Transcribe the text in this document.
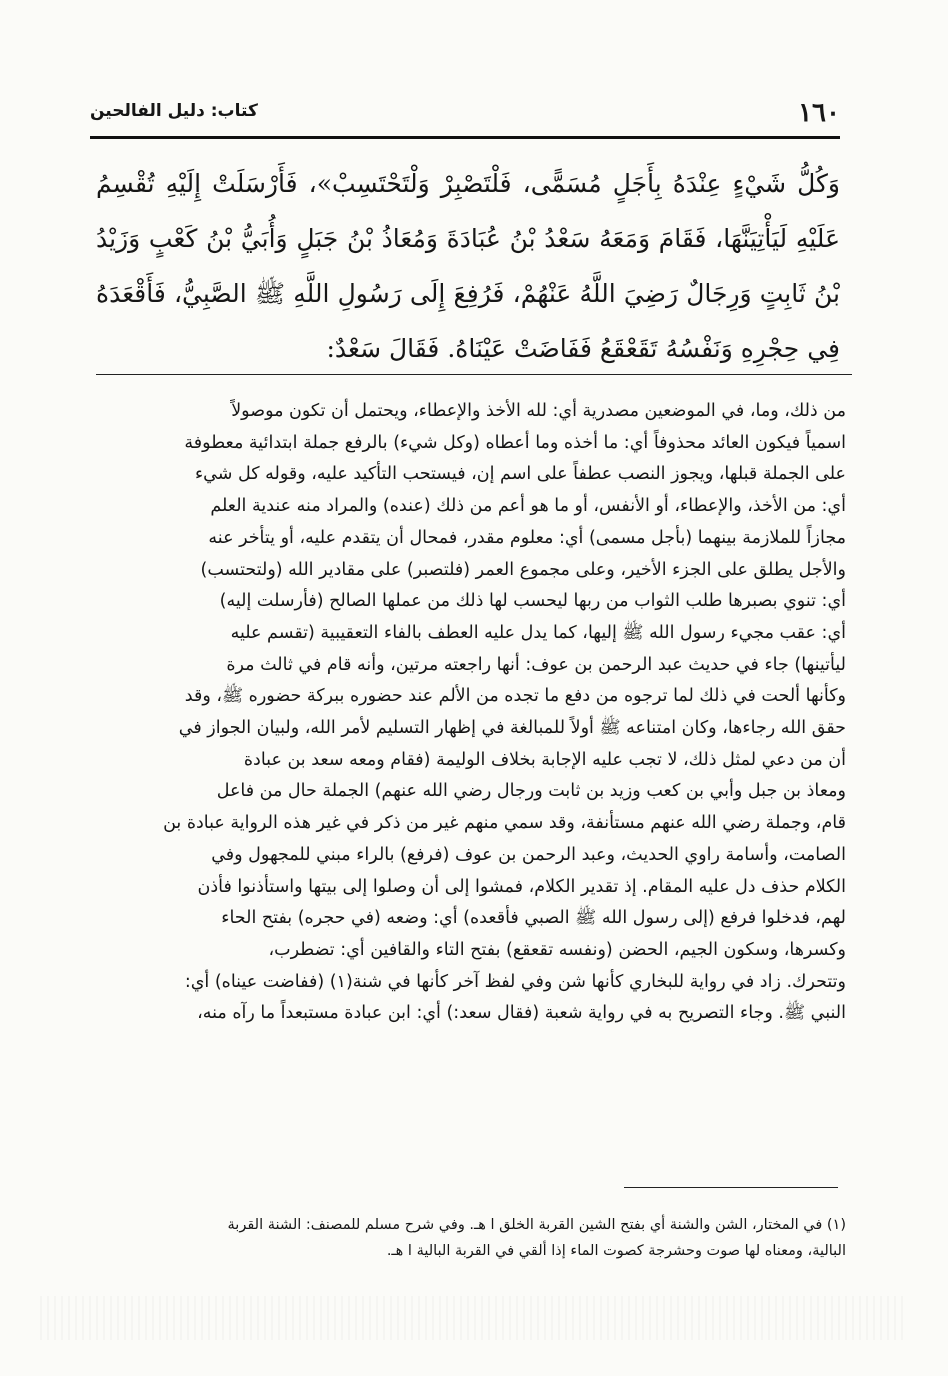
١٦٠
كتاب: دليل الفالحين
وَكُلُّ شَيْءٍ عِنْدَهُ بِأَجَلٍ مُسَمًّى، فَلْتَصْبِرْ وَلْتَحْتَسِبْ»، فَأَرْسَلَتْ إِلَيْهِ تُقْسِمُ عَلَيْهِ لَيَأْتِيَنَّهَا، فَقَامَ وَمَعَهُ سَعْدُ بْنُ عُبَادَةَ وَمُعَاذُ بْنُ جَبَلٍ وَأُبَيُّ بْنُ كَعْبٍ وَزَيْدُ بْنُ ثَابِتٍ وَرِجَالٌ رَضِيَ اللَّهُ عَنْهُمْ، فَرُفِعَ إِلَى رَسُولِ اللَّهِ ﷺ الصَّبِيُّ، فَأَقْعَدَهُ فِي حِجْرِهِ وَنَفْسُهُ تَقَعْقَعُ فَفَاضَتْ عَيْنَاهُ. فَقَالَ سَعْدٌ:
من ذلك، وما، في الموضعين مصدرية أي: لله الأخذ والإعطاء، ويحتمل أن تكون موصولاً
اسمياً فيكون العائد محذوفاً أي: ما أخذه وما أعطاه (وكل شيء) بالرفع جملة ابتدائية معطوفة
على الجملة قبلها، ويجوز النصب عطفاً على اسم إن، فيستحب التأكيد عليه، وقوله كل شيء
أي: من الأخذ، والإعطاء، أو الأنفس، أو ما هو أعم من ذلك (عنده) والمراد منه عندية العلم
مجازاً للملازمة بينهما (بأجل مسمى) أي: معلوم مقدر، فمحال أن يتقدم عليه، أو يتأخر عنه
والأجل يطلق على الجزء الأخير، وعلى مجموع العمر (فلتصبر) على مقادير الله (ولتحتسب)
أي: تنوي بصبرها طلب الثواب من ربها ليحسب لها ذلك من عملها الصالح (فأرسلت إليه)
أي: عقب مجيء رسول الله ﷺ إليها، كما يدل عليه العطف بالفاء التعقيبية (تقسم عليه
ليأتينها) جاء في حديث عبد الرحمن بن عوف: أنها راجعته مرتين، وأنه قام في ثالث مرة
وكأنها ألحت في ذلك لما ترجوه من دفع ما تجده من الألم عند حضوره ببركة حضوره ﷺ، وقد
حقق الله رجاءها، وكان امتناعه ﷺ أولاً للمبالغة في إظهار التسليم لأمر الله، ولبيان الجواز في
أن من دعي لمثل ذلك، لا تجب عليه الإجابة بخلاف الوليمة (فقام ومعه سعد بن عبادة
ومعاذ بن جبل وأبي بن كعب وزيد بن ثابت ورجال رضي الله عنهم) الجملة حال من فاعل
قام، وجملة رضي الله عنهم مستأنفة، وقد سمي منهم غير من ذكر في غير هذه الرواية عبادة بن
الصامت، وأسامة راوي الحديث، وعبد الرحمن بن عوف (فرفع) بالراء مبني للمجهول وفي
الكلام حذف دل عليه المقام. إذ تقدير الكلام، فمشوا إلى أن وصلوا إلى بيتها واستأذنوا فأذن
لهم، فدخلوا فرفع (إلى رسول الله ﷺ الصبي فأقعده) أي: وضعه (في حجره) بفتح الحاء
وكسرها، وسكون الجيم، الحضن (ونفسه تقعقع) بفتح التاء والقافين أي: تضطرب،
وتتحرك. زاد في رواية للبخاري كأنها شن وفي لفظ آخر كأنها في شنة(١) (ففاضت عيناه) أي:
النبي ﷺ. وجاء التصريح به في رواية شعبة (فقال سعد:) أي: ابن عبادة مستبعداً ما رآه منه،
(١) في المختار، الشن والشنة أي بفتح الشين القربة الخلق ا هـ. وفي شرح مسلم للمصنف: الشنة القربة
البالية، ومعناه لها صوت وحشرجة كصوت الماء إذا ألقي في القربة البالية ا هـ.
